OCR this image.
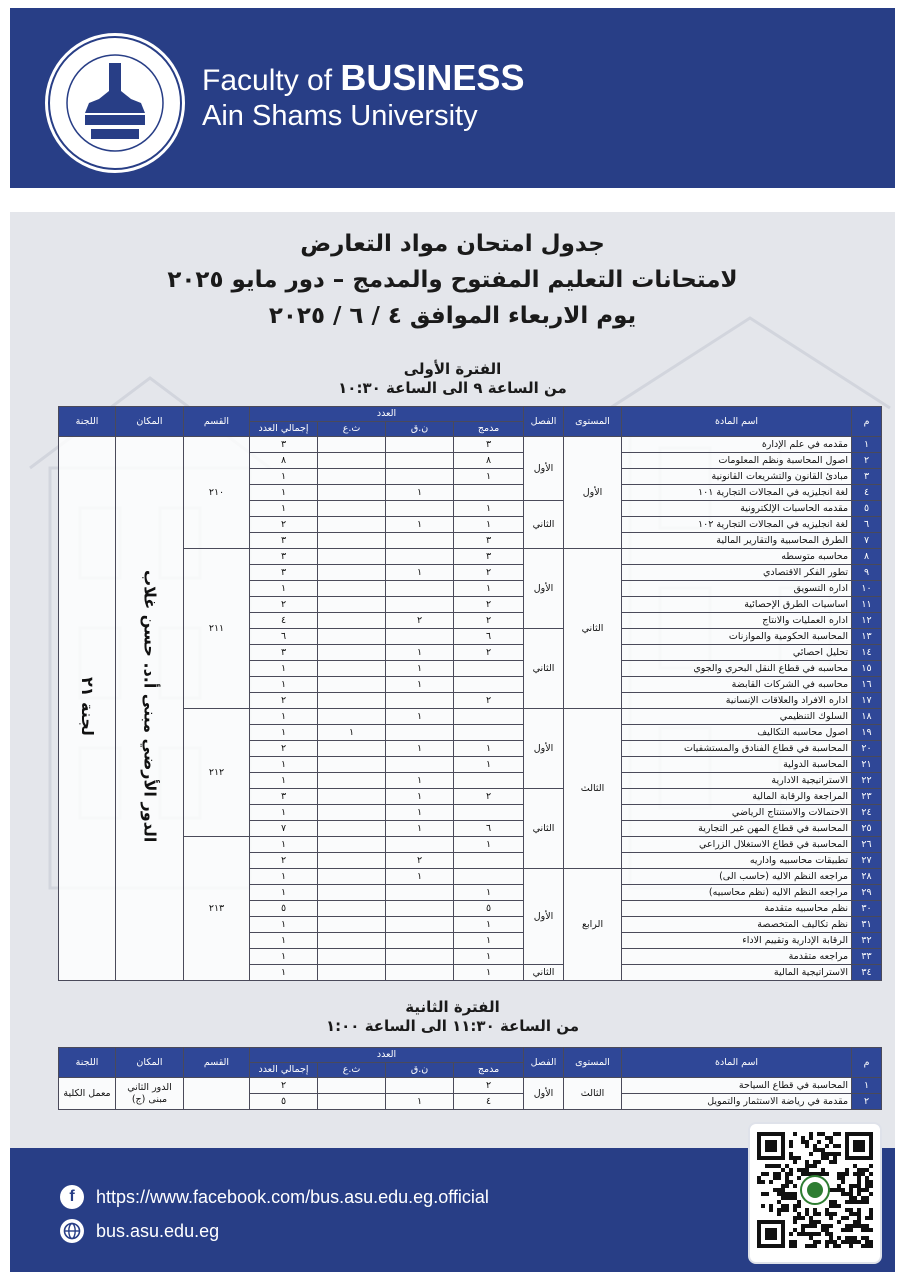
Faculty of BUSINESS
Ain Shams University
جدول امتحان مواد التعارض
لامتحانات التعليم المفتوح والمدمج – دور مايو ٢٠٢٥
يوم الاربعاء الموافق ٤ / ٦ / ٢٠٢٥
الفترة الأولى
من الساعة ٩ الى الساعة ١٠:٣٠
م	اسم المادة	المستوى	الفصل	العدد				القسم	المكان	اللجنة
				مدمج	ن.ق	ث.ع	إجمالي العدد			
١	مقدمه في علم الإدارة	الأول	الأول	٣			٣	٢١٠	الدور الأرضي مبنى أ.د. حسن غلاب	لجنة ٢١
٢	اصول المحاسبة ونظم المعلومات			٨			٨			
٣	مبادئ القانون والتشريعات القانونية			١			١			
٤	لغة انجليزيه في المجالات التجارية ١٠١				١		١			
٥	مقدمه الحاسبات الإلكترونية		الثاني	١			١			
٦	لغة انجليزيه في المجالات التجارية ١٠٢			١	١		٢			
٧	الطرق المحاسبية والتقارير المالية			٣			٣			
٨	محاسبه متوسطه	الثاني	الأول	٣			٣	٢١١		
٩	تطور الفكر الاقتصادي			٢	١		٣			
١٠	اداره التسويق			١			١			
١١	اساسيات الطرق الإحصائية			٢			٢			
١٢	اداره العمليات والانتاج			٢	٢		٤			
١٣	المحاسبة الحكومية والموازنات		الثاني	٦			٦			
١٤	تحليل احصائي			٢	١		٣			
١٥	محاسبه في قطاع النقل البحري والجوي				١		١			
١٦	محاسبه في الشركات القابضة				١		١			
١٧	اداره الافراد والعلاقات الإنسانية			٢			٢			
١٨	السلوك التنظيمي	الثالث	الأول		١		١	٢١٢		
١٩	اصول محاسبه التكاليف					١	١			
٢٠	المحاسبة في قطاع الفنادق والمستشفيات			١	١		٢			
٢١	المحاسبة الدولية			١			١			
٢٢	الاستراتيجية الادارية				١		١			
٢٣	المراجعة والرقابة المالية		الثاني	٢	١		٣			
٢٤	الاحتمالات والاستنتاج الرياضي				١		١			
٢٥	المحاسبة في قطاع المهن غير التجارية			٦	١		٧			
٢٦	المحاسبة في قطاع الاستغلال الزراعي			١			١	٢١٣		
٢٧	تطبيقات محاسبيه واداريه				٢		٢			
٢٨	مراجعه النظم الاليه (حاسب الى)	الرابع	الأول		١		١			
٢٩	مراجعه النظم الاليه (نظم محاسبيه)			١			١			
٣٠	نظم محاسبيه متقدمة			٥			٥			
٣١	نظم تكاليف المتخصصة			١			١			
٣٢	الرقابة الإدارية وتقييم الاداء			١			١			
٣٣	مراجعه متقدمة			١			١			
٣٤	الاستراتيجية المالية		الثاني	١			١			
الفترة الثانية
من الساعة ١١:٣٠ الى الساعة ١:٠٠
م	اسم المادة	المستوى	الفصل	العدد				القسم	المكان	اللجنة
				مدمج	ن.ق	ث.ع	إجمالي العدد			
١	المحاسبة في قطاع السياحة	الثالث	الأول	٢			٢		الدور الثاني مبنى (ج)	معمل الكلية
٢	مقدمة في رياضة الاستثمار والتمويل			٤	١		٥			
f	https://www.facebook.com/bus.asu.edu.eg.official
bus.asu.edu.eg
